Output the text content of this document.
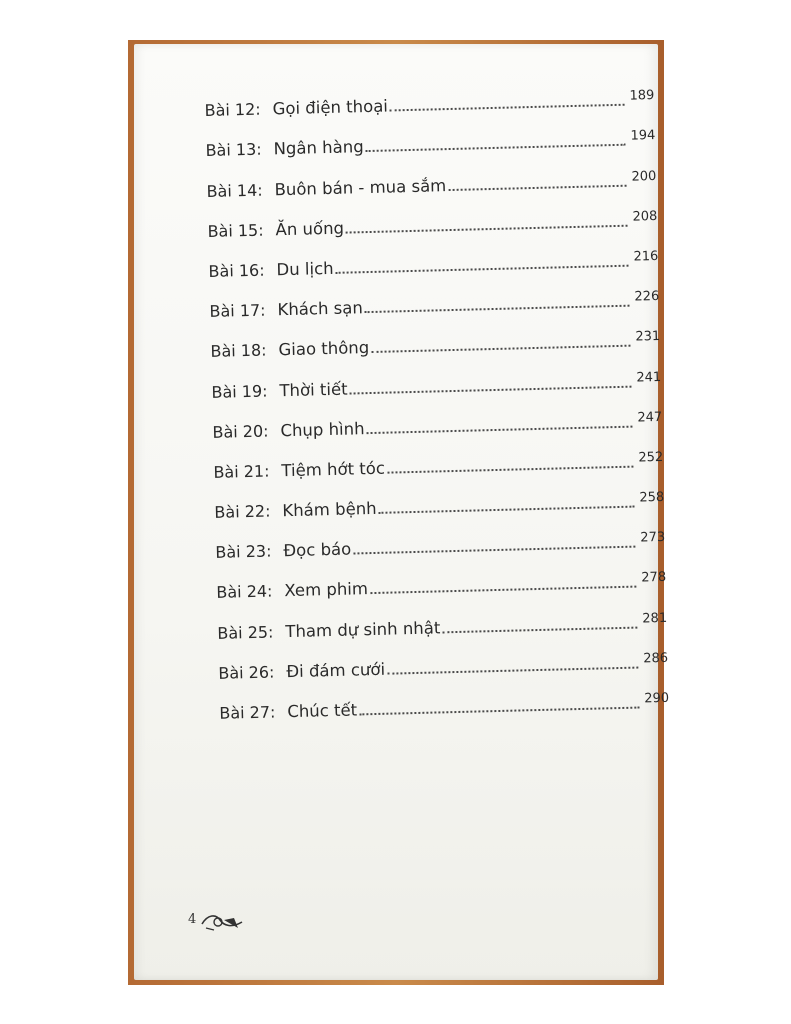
Bài 12: Gọi điện thoại
189
Bài 13: Ngân hàng
194
Bài 14: Buôn bán - mua sắm	200
Bài 15: Ăn uống
208
Bài 16: Du lịch
216
Bài 17: Khách sạn
226
Bài 18: Giao thông
231
Bài 19: Thời tiết
241
Bài 20: Chụp hình
247
Bài 21: Tiệm hớt tóc
252
Bài 22: Khám bệnh
258
Bài 23: Đọc báo
273
Bài 24: Xem phim
278
Bài 25: Tham dự sinh nhật	281
Bài 26: Đi đám cưới
286
Bài 27: Chúc tết
290
4
